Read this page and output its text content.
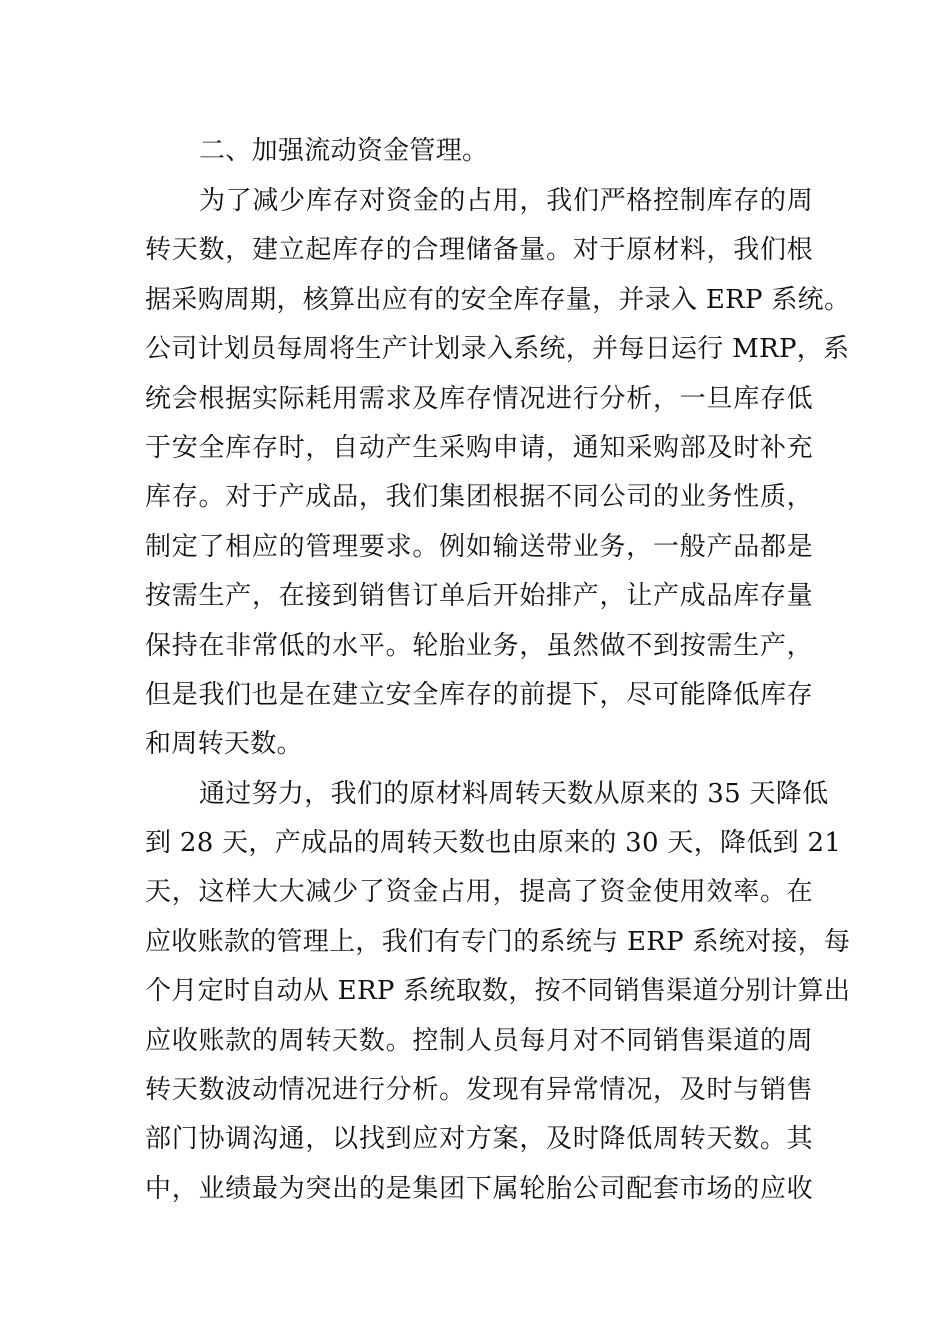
二、加强流动资金管理。
为了减少库存对资金的占用，我们严格控制库存的周
转天数，建立起库存的合理储备量。对于原材料，我们根
据采购周期，核算出应有的安全库存量，并录入 ERP 系统。
公司计划员每周将生产计划录入系统，并每日运行 MRP，系
统会根据实际耗用需求及库存情况进行分析，一旦库存低
于安全库存时，自动产生采购申请，通知采购部及时补充
库存。对于产成品，我们集团根据不同公司的业务性质，
制定了相应的管理要求。例如输送带业务，一般产品都是
按需生产，在接到销售订单后开始排产，让产成品库存量
保持在非常低的水平。轮胎业务，虽然做不到按需生产，
但是我们也是在建立安全库存的前提下，尽可能降低库存
和周转天数。
通过努力，我们的原材料周转天数从原来的 35 天降低
到 28 天，产成品的周转天数也由原来的 30 天，降低到 21
天，这样大大减少了资金占用，提高了资金使用效率。在
应收账款的管理上，我们有专门的系统与 ERP 系统对接，每
个月定时自动从 ERP 系统取数，按不同销售渠道分别计算出
应收账款的周转天数。控制人员每月对不同销售渠道的周
转天数波动情况进行分析。发现有异常情况，及时与销售
部门协调沟通，以找到应对方案，及时降低周转天数。其
中，业绩最为突出的是集团下属轮胎公司配套市场的应收
